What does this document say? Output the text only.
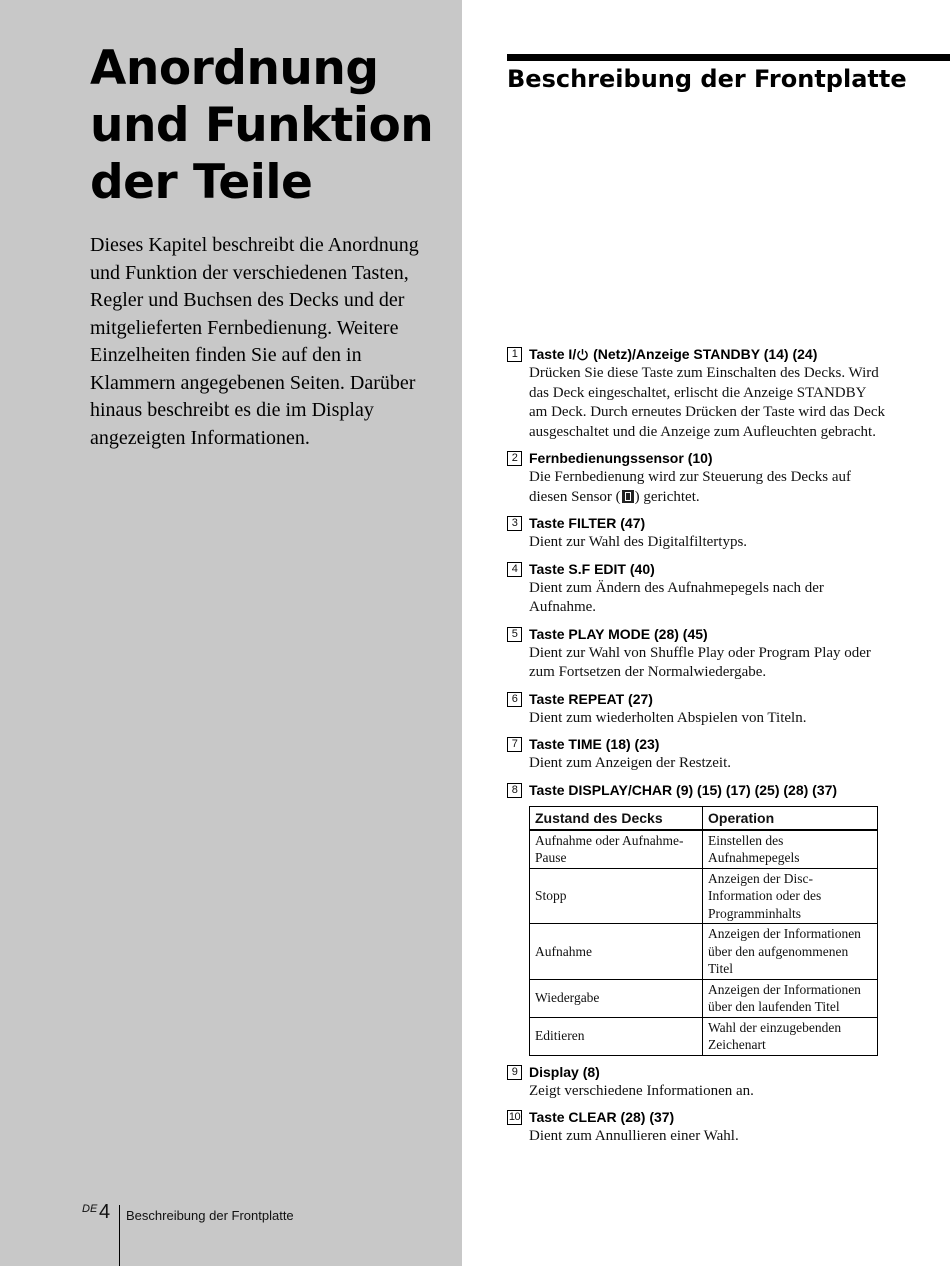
Anordnung und Funktion der Teile

Dieses Kapitel beschreibt die Anordnung und Funktion der verschiedenen Tasten, Regler und Buchsen des Decks und der mitgelieferten Fernbedienung. Weitere Einzelheiten finden Sie auf den in Klammern angegebenen Seiten. Darüber hinaus beschreibt es die im Display angezeigten Informationen.

DE 4 Beschreibung der Frontplatte
Beschreibung der Frontplatte
1 Taste I/ (Netz)/Anzeige STANDBY (14) (24)
Drücken Sie diese Taste zum Einschalten des Decks. Wird das Deck eingeschaltet, erlischt die Anzeige STANDBY am Deck. Durch erneutes Drücken der Taste wird das Deck ausgeschaltet und die Anzeige zum Aufleuchten gebracht.
2 Fernbedienungssensor (10)
Die Fernbedienung wird zur Steuerung des Decks auf diesen Sensor ( ) gerichtet.
3 Taste FILTER (47)
Dient zur Wahl des Digitalfiltertyps.
4 Taste S.F EDIT (40)
Dient zum Ändern des Aufnahmepegels nach der Aufnahme.
5 Taste PLAY MODE (28) (45)
Dient zur Wahl von Shuffle Play oder Program Play oder zum Fortsetzen der Normalwiedergabe.
6 Taste REPEAT (27)
Dient zum wiederholten Abspielen von Titeln.
7 Taste TIME (18) (23)
Dient zum Anzeigen der Restzeit.
8 Taste DISPLAY/CHAR (9) (15) (17) (25) (28) (37)
Zustand des Decks	Operation
Aufnahme oder Aufnahme-Pause	Einstellen des Aufnahmepegels
Stopp	Anzeigen der Disc-Information oder des Programminhalts
Aufnahme	Anzeigen der Informationen über den aufgenommenen Titel
Wiedergabe	Anzeigen der Informationen über den laufenden Titel
Editieren	Wahl der einzugebenden Zeichenart
9 Display (8)
Zeigt verschiedene Informationen an.
10 Taste CLEAR (28) (37)
Dient zum Annullieren einer Wahl.
